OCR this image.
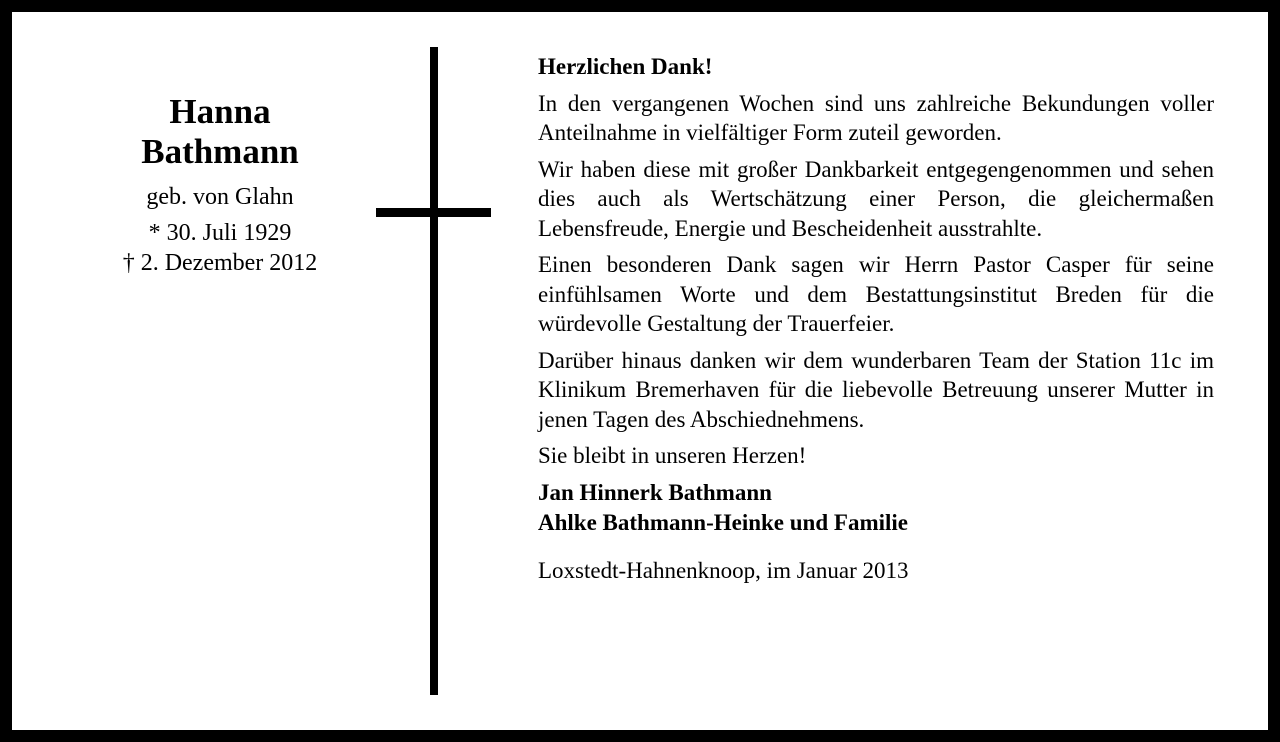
Hanna
Bathmann
geb. von Glahn
* 30. Juli 1929
† 2. Dezember 2012

Herzlichen Dank!

In den vergangenen Wochen sind uns zahlreiche Bekundungen voller Anteilnahme in vielfältiger Form zuteil geworden.

Wir haben diese mit großer Dankbarkeit entgegengenommen und sehen dies auch als Wertschätzung einer Person, die gleichermaßen Lebensfreude, Energie und Bescheidenheit ausstrahlte.

Einen besonderen Dank sagen wir Herrn Pastor Casper für seine einfühlsamen Worte und dem Bestattungsinstitut Breden für die würdevolle Gestaltung der Trauerfeier.

Darüber hinaus danken wir dem wunderbaren Team der Station 11c im Klinikum Bremerhaven für die liebevolle Betreuung unserer Mutter in jenen Tagen des Abschiednehmens.

Sie bleibt in unseren Herzen!

Jan Hinnerk Bathmann
Ahlke Bathmann-Heinke und Familie
Loxstedt-Hahnenknoop, im Januar 2013
